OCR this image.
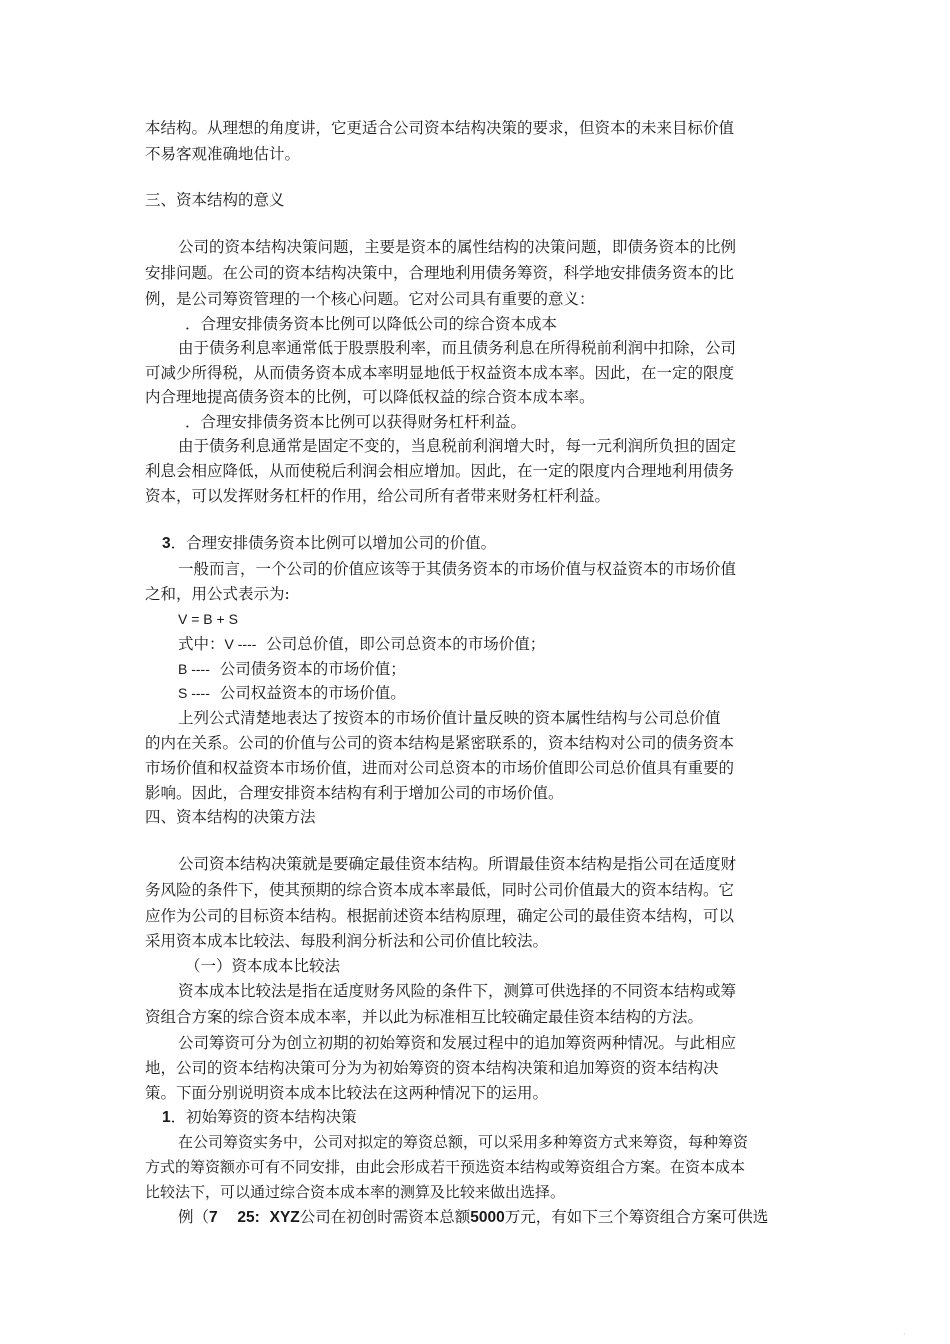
本结构。从理想的角度讲，它更适合公司资本结构决策的要求，但资本的未来目标价值
不易客观准确地估计。
三、资本结构的意义
公司的资本结构决策问题，主要是资本的属性结构的决策问题，即债务资本的比例
安排问题。在公司的资本结构决策中，合理地利用债务筹资，科学地安排债务资本的比
例，是公司筹资管理的一个核心问题。它对公司具有重要的意义：
．合理安排债务资本比例可以降低公司的综合资本成本
由于债务利息率通常低于股票股利率，而且债务利息在所得税前利润中扣除，公司
可减少所得税，从而债务资本成本率明显地低于权益资本成本率。因此，在一定的限度
内合理地提高债务资本的比例，可以降低权益的综合资本成本率。
．合理安排债务资本比例可以获得财务杠杆利益。
由于债务利息通常是固定不变的，当息税前利润增大时，每一元利润所负担的固定
利息会相应降低，从而使税后利润会相应增加。因此，在一定的限度内合理地利用债务
资本，可以发挥财务杠杆的作用，给公司所有者带来财务杠杆利益。
3．合理安排债务资本比例可以增加公司的价值。
一般而言，一个公司的价值应该等于其债务资本的市场价值与权益资本的市场价值
之和，用公式表示为:
V = B + S
式中：V ---- 公司总价值，即公司总资本的市场价值；
B ---- 公司债务资本的市场价值；
S ---- 公司权益资本的市场价值。
上列公式清楚地表达了按资本的市场价值计量反映的资本属性结构与公司总价值
的内在关系。公司的价值与公司的资本结构是紧密联系的，资本结构对公司的债务资本
市场价值和权益资本市场价值，进而对公司总资本的市场价值即公司总价值具有重要的
影响。因此，合理安排资本结构有利于增加公司的市场价值。
四、资本结构的决策方法
公司资本结构决策就是要确定最佳资本结构。所谓最佳资本结构是指公司在适度财
务风险的条件下，使其预期的综合资本成本率最低，同时公司价值最大的资本结构。它
应作为公司的目标资本结构。根据前述资本结构原理，确定公司的最佳资本结构，可以
采用资本成本比较法、每股利润分析法和公司价值比较法。
（一）资本成本比较法
资本成本比较法是指在适度财务风险的条件下，测算可供选择的不同资本结构或筹
资组合方案的综合资本成本率，并以此为标准相互比较确定最佳资本结构的方法。
公司筹资可分为创立初期的初始筹资和发展过程中的追加筹资两种情况。与此相应
地，公司的资本结构决策可分为为初始筹资的资本结构决策和追加筹资的资本结构决
策。下面分别说明资本成本比较法在这两种情况下的运用。
1．初始筹资的资本结构决策
在公司筹资实务中，公司对拟定的筹资总额，可以采用多种筹资方式来筹资，每种筹资
方式的筹资额亦可有不同安排，由此会形成若干预选资本结构或筹资组合方案。在资本成本
比较法下，可以通过综合资本成本率的测算及比较来做出选择。
例（7 25: XYZ公司在初创时需资本总额5000万元，有如下三个筹资组合方案可供选
·
